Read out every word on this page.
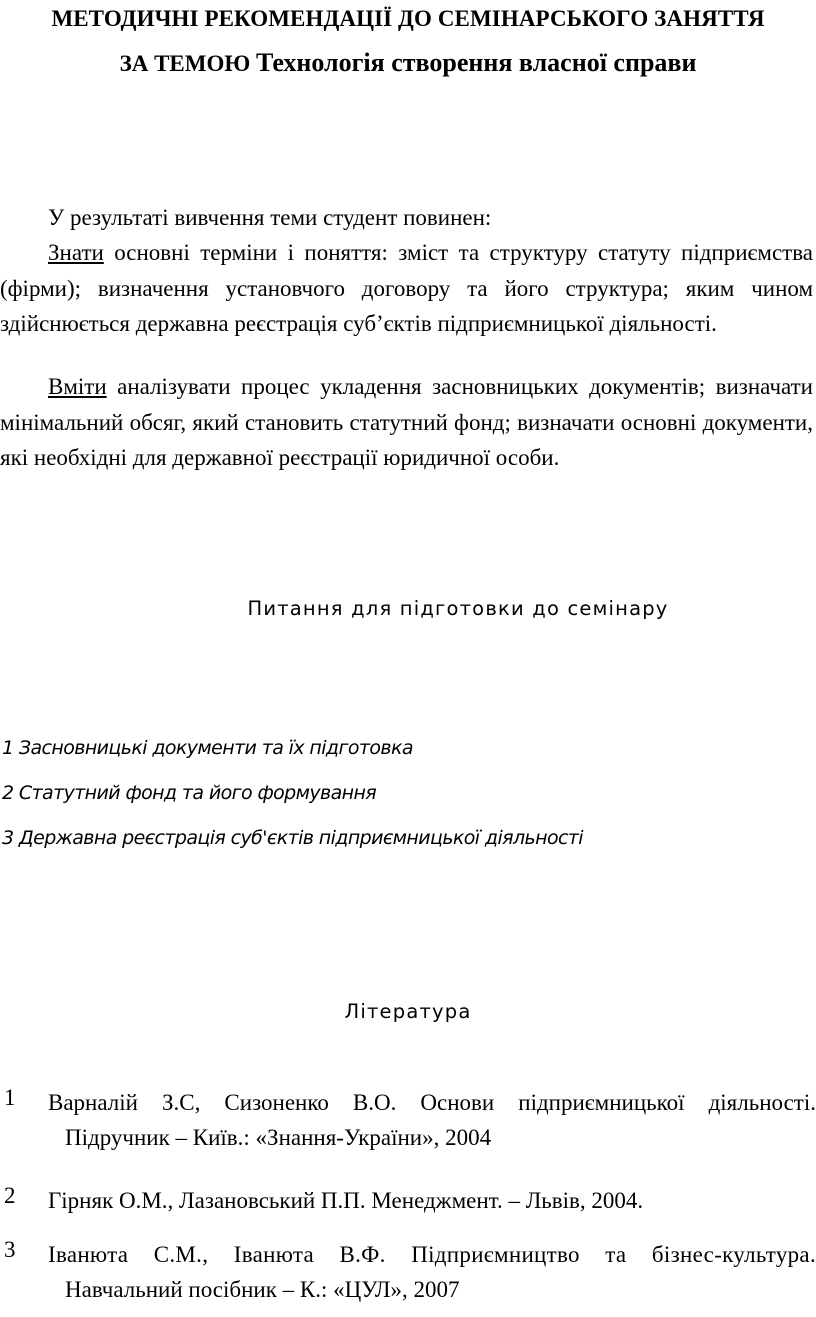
МЕТОДИЧНІ РЕКОМЕНДАЦІЇ ДО СЕМІНАРСЬКОГО ЗАНЯТТЯ
ЗА ТЕМОЮ Технологія створення власної справи
У результаті вивчення теми студент повинен:

Знати основні терміни і поняття: зміст та структуру статуту підприємства (фірми); визначення установчого договору та його структура; яким чином здійснюється державна реєстрація суб’єктів підприємницької діяльності.

Вміти аналізувати процес укладення засновницьких документів; визначати мінімальний обсяг, який становить статутний фонд; визначати основні документи, які необхідні для державної реєстрації юридичної особи.

Питання для підготовки до семінару
1 Засновницькі документи та їх підготовка
2 Статутний фонд та його формування
3 Державна реєстрація суб'єктів підприємницької діяльності
Література
1	Варналій З.С, Сизоненко В.О. Основи підприємницької діяльності.
Підручник – Київ.: «Знання-України», 2004
2	Гірняк О.М., Лазановський П.П. Менеджмент. – Львів, 2004.
3	Іванюта С.М., Іванюта В.Ф. Підприємництво та бізнес-культура.
Навчальний посібник – К.: «ЦУЛ», 2007
